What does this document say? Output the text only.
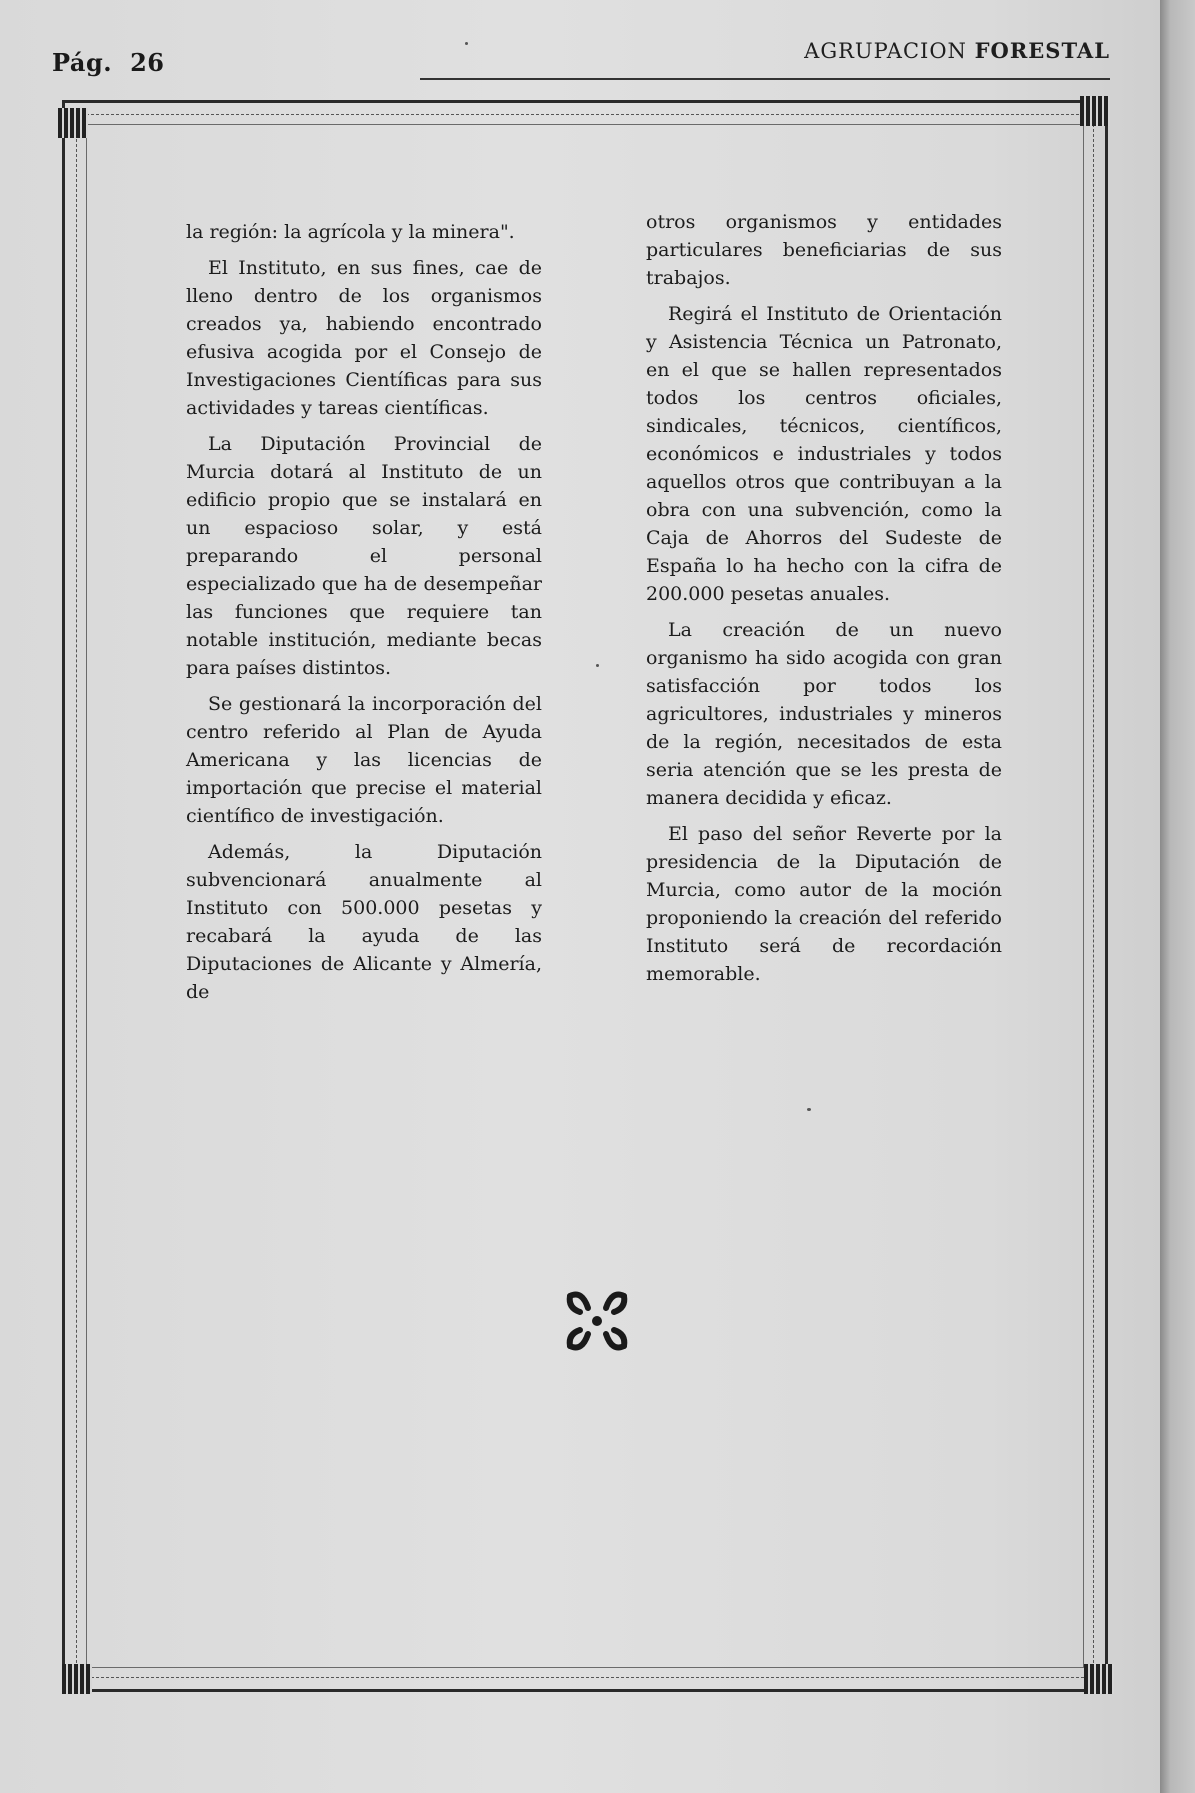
Pág. 26	AGRUPACION FORESTAL

la región: la agrícola y la minera".

El Instituto, en sus fines, cae de lleno dentro de los organismos creados ya, habiendo encontrado efusiva acogida por el Consejo de Investigaciones Científicas para sus actividades y tareas científicas.

La Diputación Provincial de Murcia dotará al Instituto de un edificio propio que se instalará en un espacioso solar, y está preparando el personal especializado que ha de desempeñar las funciones que requiere tan notable institución, mediante becas para países distintos.

Se gestionará la incorporación del centro referido al Plan de Ayuda Americana y las licencias de importación que precise el material científico de investigación.

Además, la Diputación subvencionará anualmente al Instituto con 500.000 pesetas y recabará la ayuda de las Diputaciones de Alicante y Almería, de

otros organismos y entidades particulares beneficiarias de sus trabajos.

Regirá el Instituto de Orientación y Asistencia Técnica un Patronato, en el que se hallen representados todos los centros oficiales, sindicales, técnicos, científicos, económicos e industriales y todos aquellos otros que contribuyan a la obra con una subvención, como la Caja de Ahorros del Sudeste de España lo ha hecho con la cifra de 200.000 pesetas anuales.

La creación de un nuevo organismo ha sido acogida con gran satisfacción por todos los agricultores, industriales y mineros de la región, necesitados de esta seria atención que se les presta de manera decidida y eficaz.

El paso del señor Reverte por la presidencia de la Diputación de Murcia, como autor de la moción proponiendo la creación del referido Instituto será de recordación memorable.
